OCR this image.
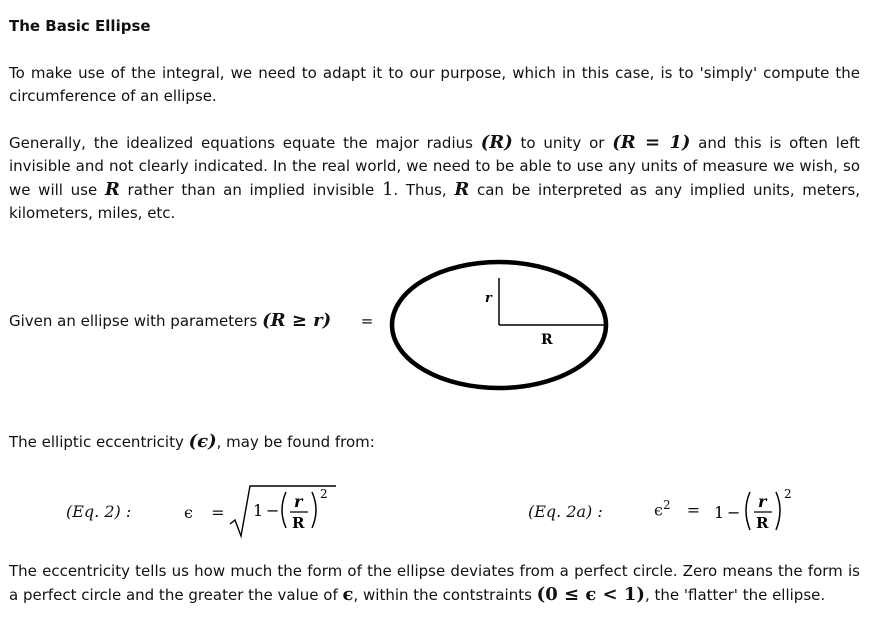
The Basic Ellipse

To make use of the integral, we need to adapt it to our purpose, which in this case, is to 'simply' compute the circumference of an ellipse.

Generally, the idealized equations equate the major radius (R) to unity or (R = 1) and this is often left invisible and not clearly indicated. In the real world, we need to be able to use any units of measure we wish, so we will use R rather than an implied invisible 1. Thus, R can be interpreted as any implied units, meters, kilometers, miles, etc.

Given an ellipse with parameters (R ≥ r) =
r
R
The elliptic eccentricity (ϵ), may be found from:
(Eq. 2) :	ϵ = 1 − r
R
2
(Eq. 2a) :	$\epsilon^2 = 1$ −
r
R
2

The eccentricity tells us how much the form of the ellipse deviates from a perfect circle. Zero means the form is a perfect circle and the greater the value of ϵ, within the contstraints (0 ≤ ϵ < 1), the 'flatter' the ellipse.
